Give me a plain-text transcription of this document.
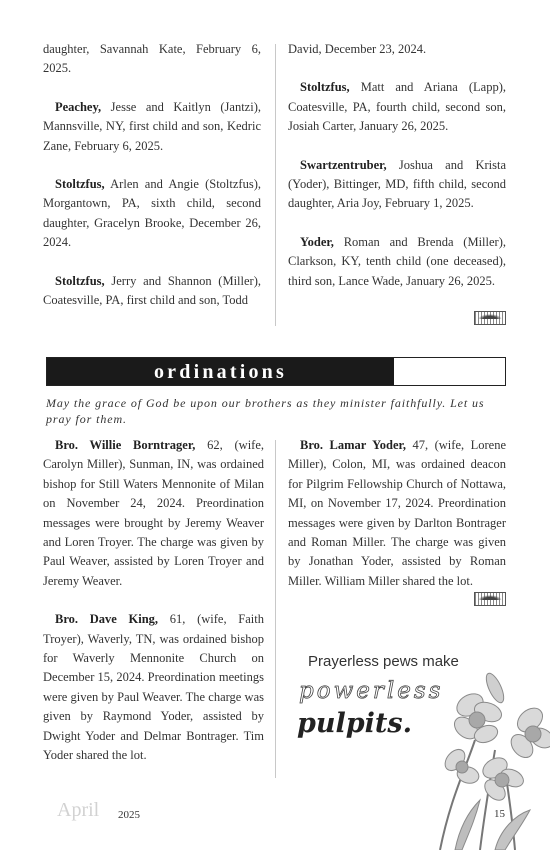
daughter, Savannah Kate, February 6, 2025.

Peachey, Jesse and Kaitlyn (Jantzi), Mannsville, NY, first child and son, Kedric Zane, February 6, 2025.

Stoltzfus, Arlen and Angie (Stoltzfus), Morgantown, PA, sixth child, second daughter, Gracelyn Brooke, December 26, 2024.

Stoltzfus, Jerry and Shannon (Miller), Coatesville, PA, first child and son, Todd

David, December 23, 2024.

Stoltzfus, Matt and Ariana (Lapp), Coatesville, PA, fourth child, second son, Josiah Carter, January 26, 2025.

Swartzentruber, Joshua and Krista (Yoder), Bittinger, MD, fifth child, second daughter, Aria Joy, February 1, 2025.

Yoder, Roman and Brenda (Miller), Clarkson, KY, tenth child (one deceased), third son, Lance Wade, January 26, 2025.

ordinations
May the grace of God be upon our brothers as they minister faithfully. Let us pray for them.

Bro. Willie Borntrager, 62, (wife, Carolyn Miller), Sunman, IN, was ordained bishop for Still Waters Mennonite of Milan on November 24, 2024. Preordination messages were brought by Jeremy Weaver and Loren Troyer. The charge was given by Paul Weaver, assisted by Loren Troyer and Jeremy Weaver.

Bro. Dave King, 61, (wife, Faith Troyer), Waverly, TN, was ordained bishop for Waverly Mennonite Church on December 15, 2024. Preordination meetings were given by Paul Weaver. The charge was given by Raymond Yoder, assisted by Dwight Yoder and Delmar Bontrager. Tim Yoder shared the lot.

Bro. Lamar Yoder, 47, (wife, Lorene Miller), Colon, MI, was ordained deacon for Pilgrim Fellowship Church of Nottawa, MI, on November 17, 2024. Preordination messages were given by Darlton Bontrager and Roman Miller. The charge was given by Jonathan Yoder, assisted by Roman Miller. William Miller shared the lot.

Prayerless pews make
powerless
pulpits.
April 2025	15
